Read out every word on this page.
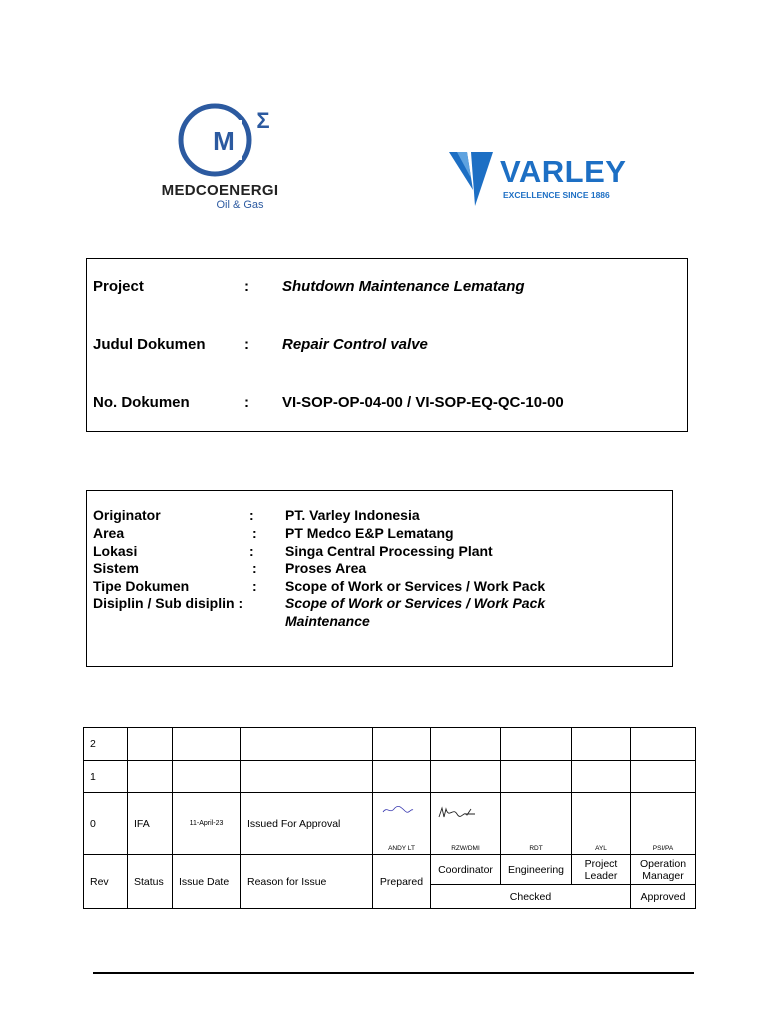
M
Σ
MEDCOENERGI
Oil & Gas
VARLEY
EXCELLENCE SINCE 1886
Project	: Shutdown Maintenance Lematang
Judul Dokumen	: Repair Control valve
No. Dokumen	: VI-SOP-OP-04-00 / VI-SOP-EQ-QC-10-00
Originator	: PT. Varley Indonesia
Area	: PT Medco E&P Lematang
Lokasi	: Singa Central Processing Plant
Sistem	: Proses Area
Tipe Dokumen	: Scope of Work or Services / Work Pack
Disiplin / Sub disiplin :	Scope of Work or Services / Work Pack
Maintenance
2								
1								
0	IFA	11-April-23	Issued For Approval	ANDY LT	RZW/DMI	RDT	AYL	PSI/PA

Rev	Status	Issue Date	Reason for Issue	Prepared	Coordinator	Engineering	Project Leader	Operation Manager
					Checked			Approved
